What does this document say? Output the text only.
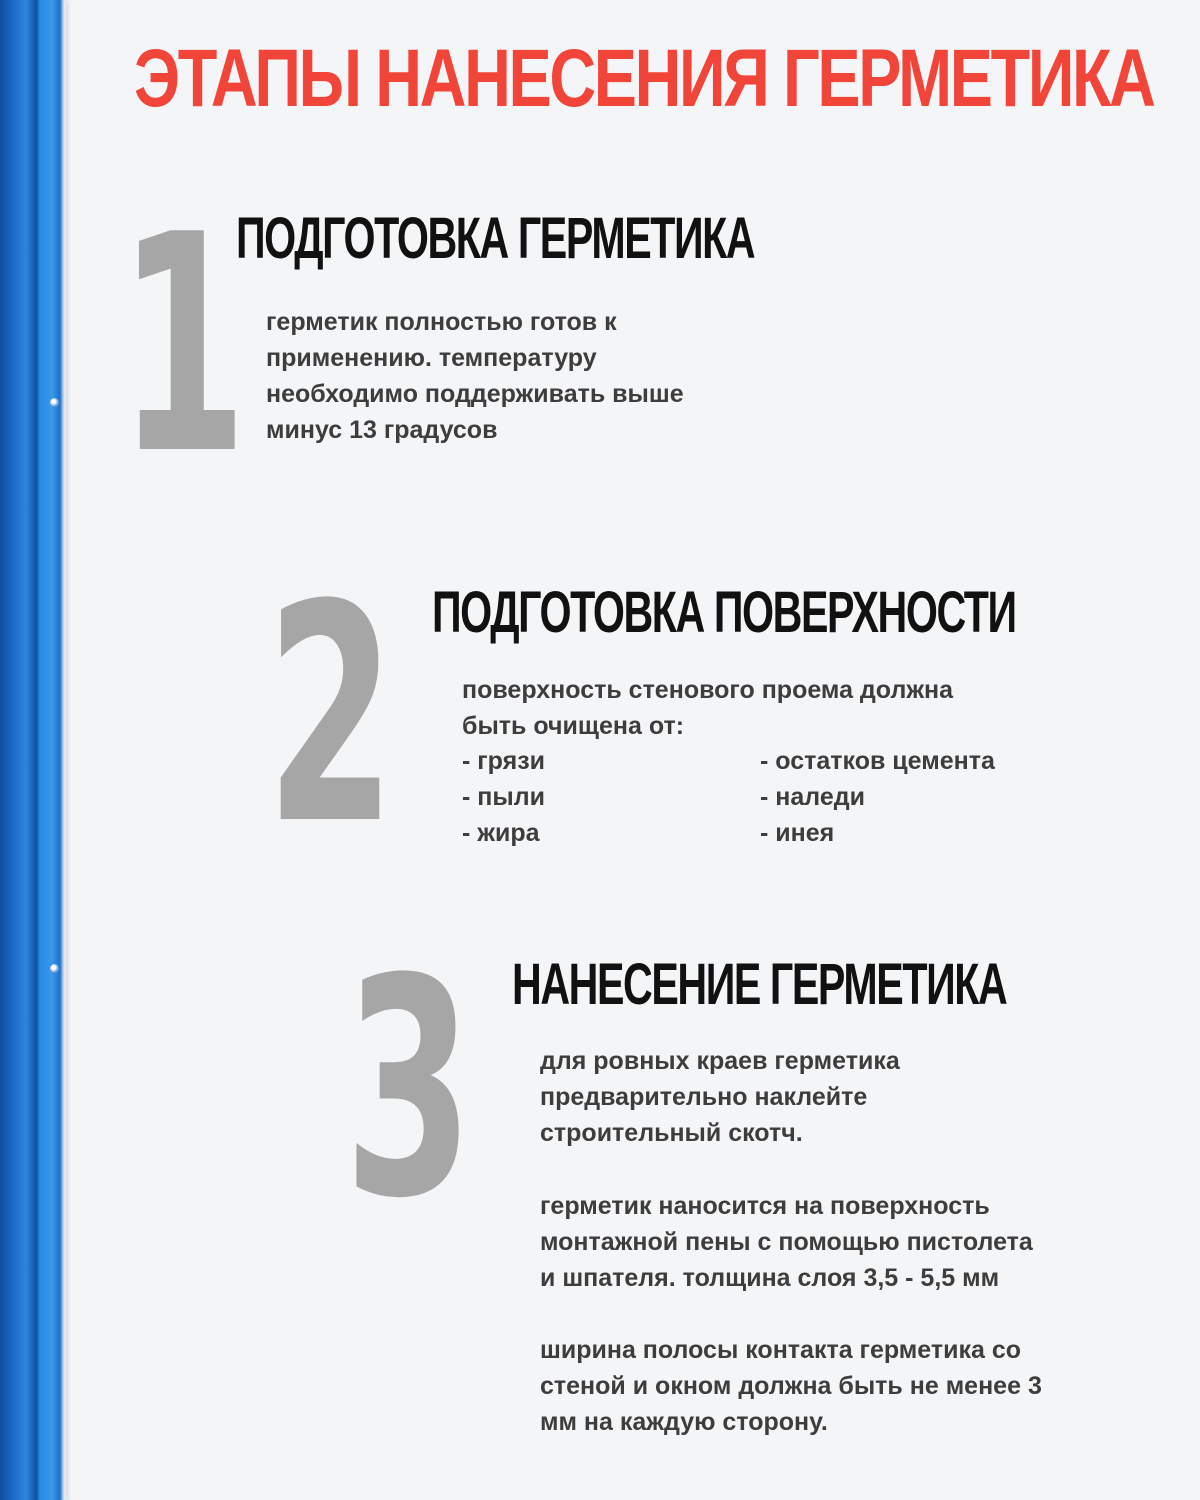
ЭТАПЫ НАНЕСЕНИЯ ГЕРМЕТИКА
1
ПОДГОТОВКА ГЕРМЕТИКА
герметик полностью готов к
применению. температуру
необходимо поддерживать выше
минус 13 градусов
2 ПОДГОТОВКА ПОВЕРХНОСТИ
поверхность стенового проема должна
быть очищена от:
- грязи
- пыли
- жира
- остатков цемента
- наледи
- инея
3 НАНЕСЕНИЕ ГЕРМЕТИКА
для ровных краев герметика
предварительно наклейте
строительный скотч.
герметик наносится на поверхность
монтажной пены с помощью пистолета
и шпателя. толщина слоя 3,5 - 5,5 мм
ширина полосы контакта герметика со
стеной и окном должна быть не менее 3
мм на каждую сторону.
